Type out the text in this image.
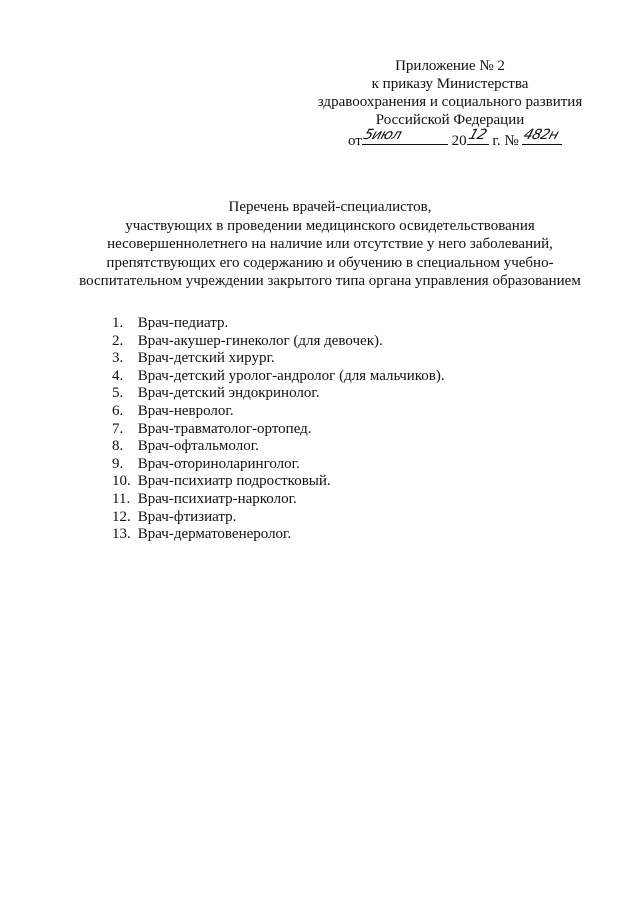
Приложение № 2
к приказу Министерства
здравоохранения и социального развития
Российской Федерации
от 5июл	20 12 г. № 482н
Перечень врачей-специалистов,
участвующих в проведении медицинского освидетельствования
несовершеннолетнего на наличие или отсутствие у него заболеваний,
препятствующих его содержанию и обучению в специальном учебно-
воспитательном учреждении закрытого типа органа управления образованием
1. Врач-педиатр.
2. Врач-акушер-гинеколог (для девочек).
3. Врач-детский хирург.
4. Врач-детский уролог-андролог (для мальчиков).
5. Врач-детский эндокринолог.
6. Врач-невролог.
7. Врач-травматолог-ортопед.
8. Врач-офтальмолог.
9. Врач-оториноларинголог.
10. Врач-психиатр подростковый.
11. Врач-психиатр-нарколог.
12. Врач-фтизиатр.
13. Врач-дерматовенеролог.
